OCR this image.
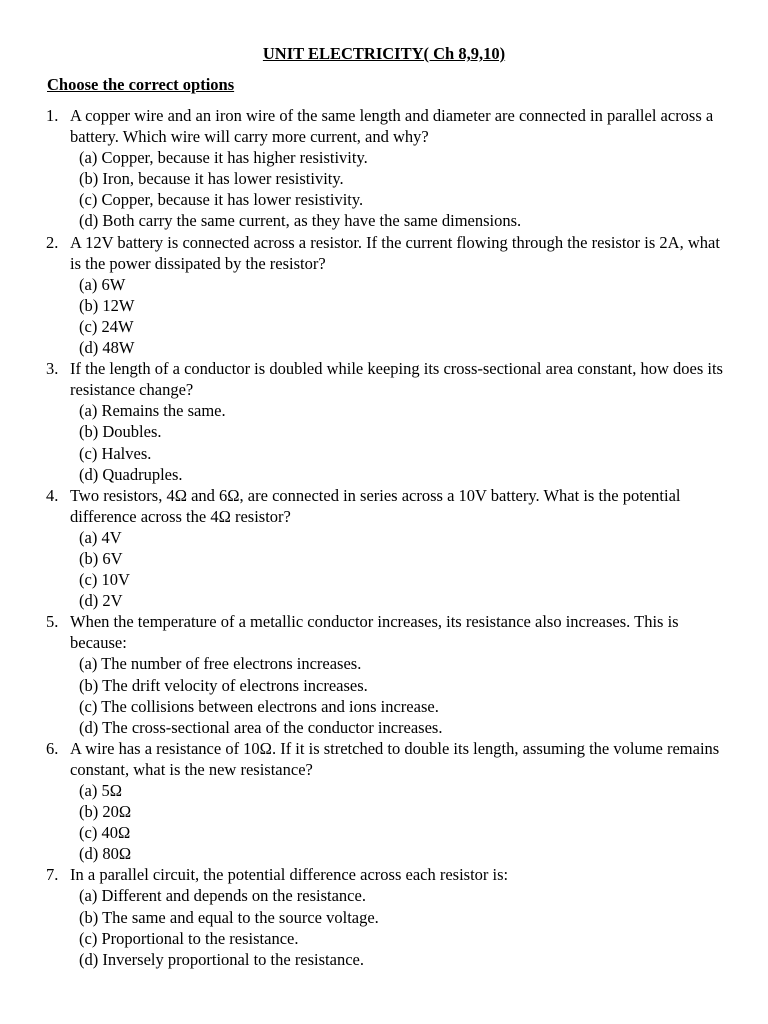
UNIT ELECTRICITY( Ch 8,9,10)
Choose the correct options
1. A copper wire and an iron wire of the same length and diameter are connected in parallel across a battery. Which wire will carry more current, and why?
(a) Copper, because it has higher resistivity.
(b) Iron, because it has lower resistivity.
(c) Copper, because it has lower resistivity.
(d) Both carry the same current, as they have the same dimensions.
2. A 12V battery is connected across a resistor. If the current flowing through the resistor is 2A, what is the power dissipated by the resistor?
(a) 6W
(b) 12W
(c) 24W
(d) 48W
3. If the length of a conductor is doubled while keeping its cross-sectional area constant, how does its resistance change?
(a) Remains the same.
(b) Doubles.
(c) Halves.
(d) Quadruples.
4. Two resistors, 4Ω and 6Ω, are connected in series across a 10V battery. What is the potential difference across the 4Ω resistor?
(a) 4V
(b) 6V
(c) 10V
(d) 2V
5. When the temperature of a metallic conductor increases, its resistance also increases. This is because:
(a) The number of free electrons increases.
(b) The drift velocity of electrons increases.
(c) The collisions between electrons and ions increase.
(d) The cross-sectional area of the conductor increases.
6. A wire has a resistance of 10Ω. If it is stretched to double its length, assuming the volume remains constant, what is the new resistance?
(a) 5Ω
(b) 20Ω
(c) 40Ω
(d) 80Ω
7. In a parallel circuit, the potential difference across each resistor is:
(a) Different and depends on the resistance.
(b) The same and equal to the source voltage.
(c) Proportional to the resistance.
(d) Inversely proportional to the resistance.
